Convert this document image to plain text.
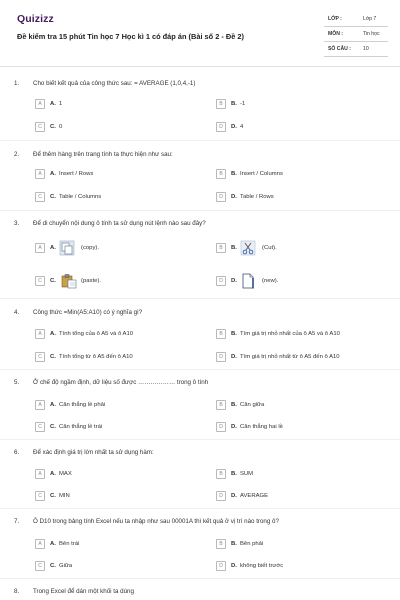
Quizizz
Đề kiểm tra 15 phút Tin học 7 Học kì 1 có đáp án (Bài số 2 - Đề 2)
LỚP :	Lớp 7
MÔN :	Tin học
SỐ CÂU : 10
1. Cho biết kết quả của công thức sau: = AVERAGE (1,0,4,-1)
A	A. 1	B	B. -1
C	C. 0	D	D. 4
2. Để thêm hàng trên trang tính ta thực hiện như sau:
A	A. Insert / Rows	B	B. Insert / Columns
C	C. Table / Columns	D	D. Table / Rows
3. Để di chuyển nội dung ô tính ta sử dụng nút lệnh nào sau đây?
A	A.	(copy).	B	B.	(Cut).
C	C.	(paste).	D	D.	(new).
4. Công thức =Min(A5:A10) có ý nghĩa gì?
A	A. Tính tổng của ô A5 và ô A10	B	B. Tìm giá trị nhỏ nhất của ô A5 và ô A10
C	C. Tính tổng từ ô A5 đến ô A10	D	D. Tìm giá trị nhỏ nhất từ ô A5 đến ô A10
5. Ở chế độ ngầm định, dữ liệu số được ……………… trong ô tính
A	A. Căn thẳng lề phải	B	B. Căn giữa
C	C. Căn thẳng lề trái	D	D. Căn thẳng hai lề
6. Để xác định giá trị lớn nhất ta sử dụng hàm:
A	A. MAX	B	B. SUM
C	C. MIN	D	D. AVERAGE
7. Ô D10 trong bảng tính Excel nếu ta nhập như sau 00001A thì kết quả ở vị trí nào trong ô?
A	A. Bên trái	B	B. Bên phải
C	C. Giữa	D	D. không biết trước
8. Trong Excel để dán một khối ta dùng
